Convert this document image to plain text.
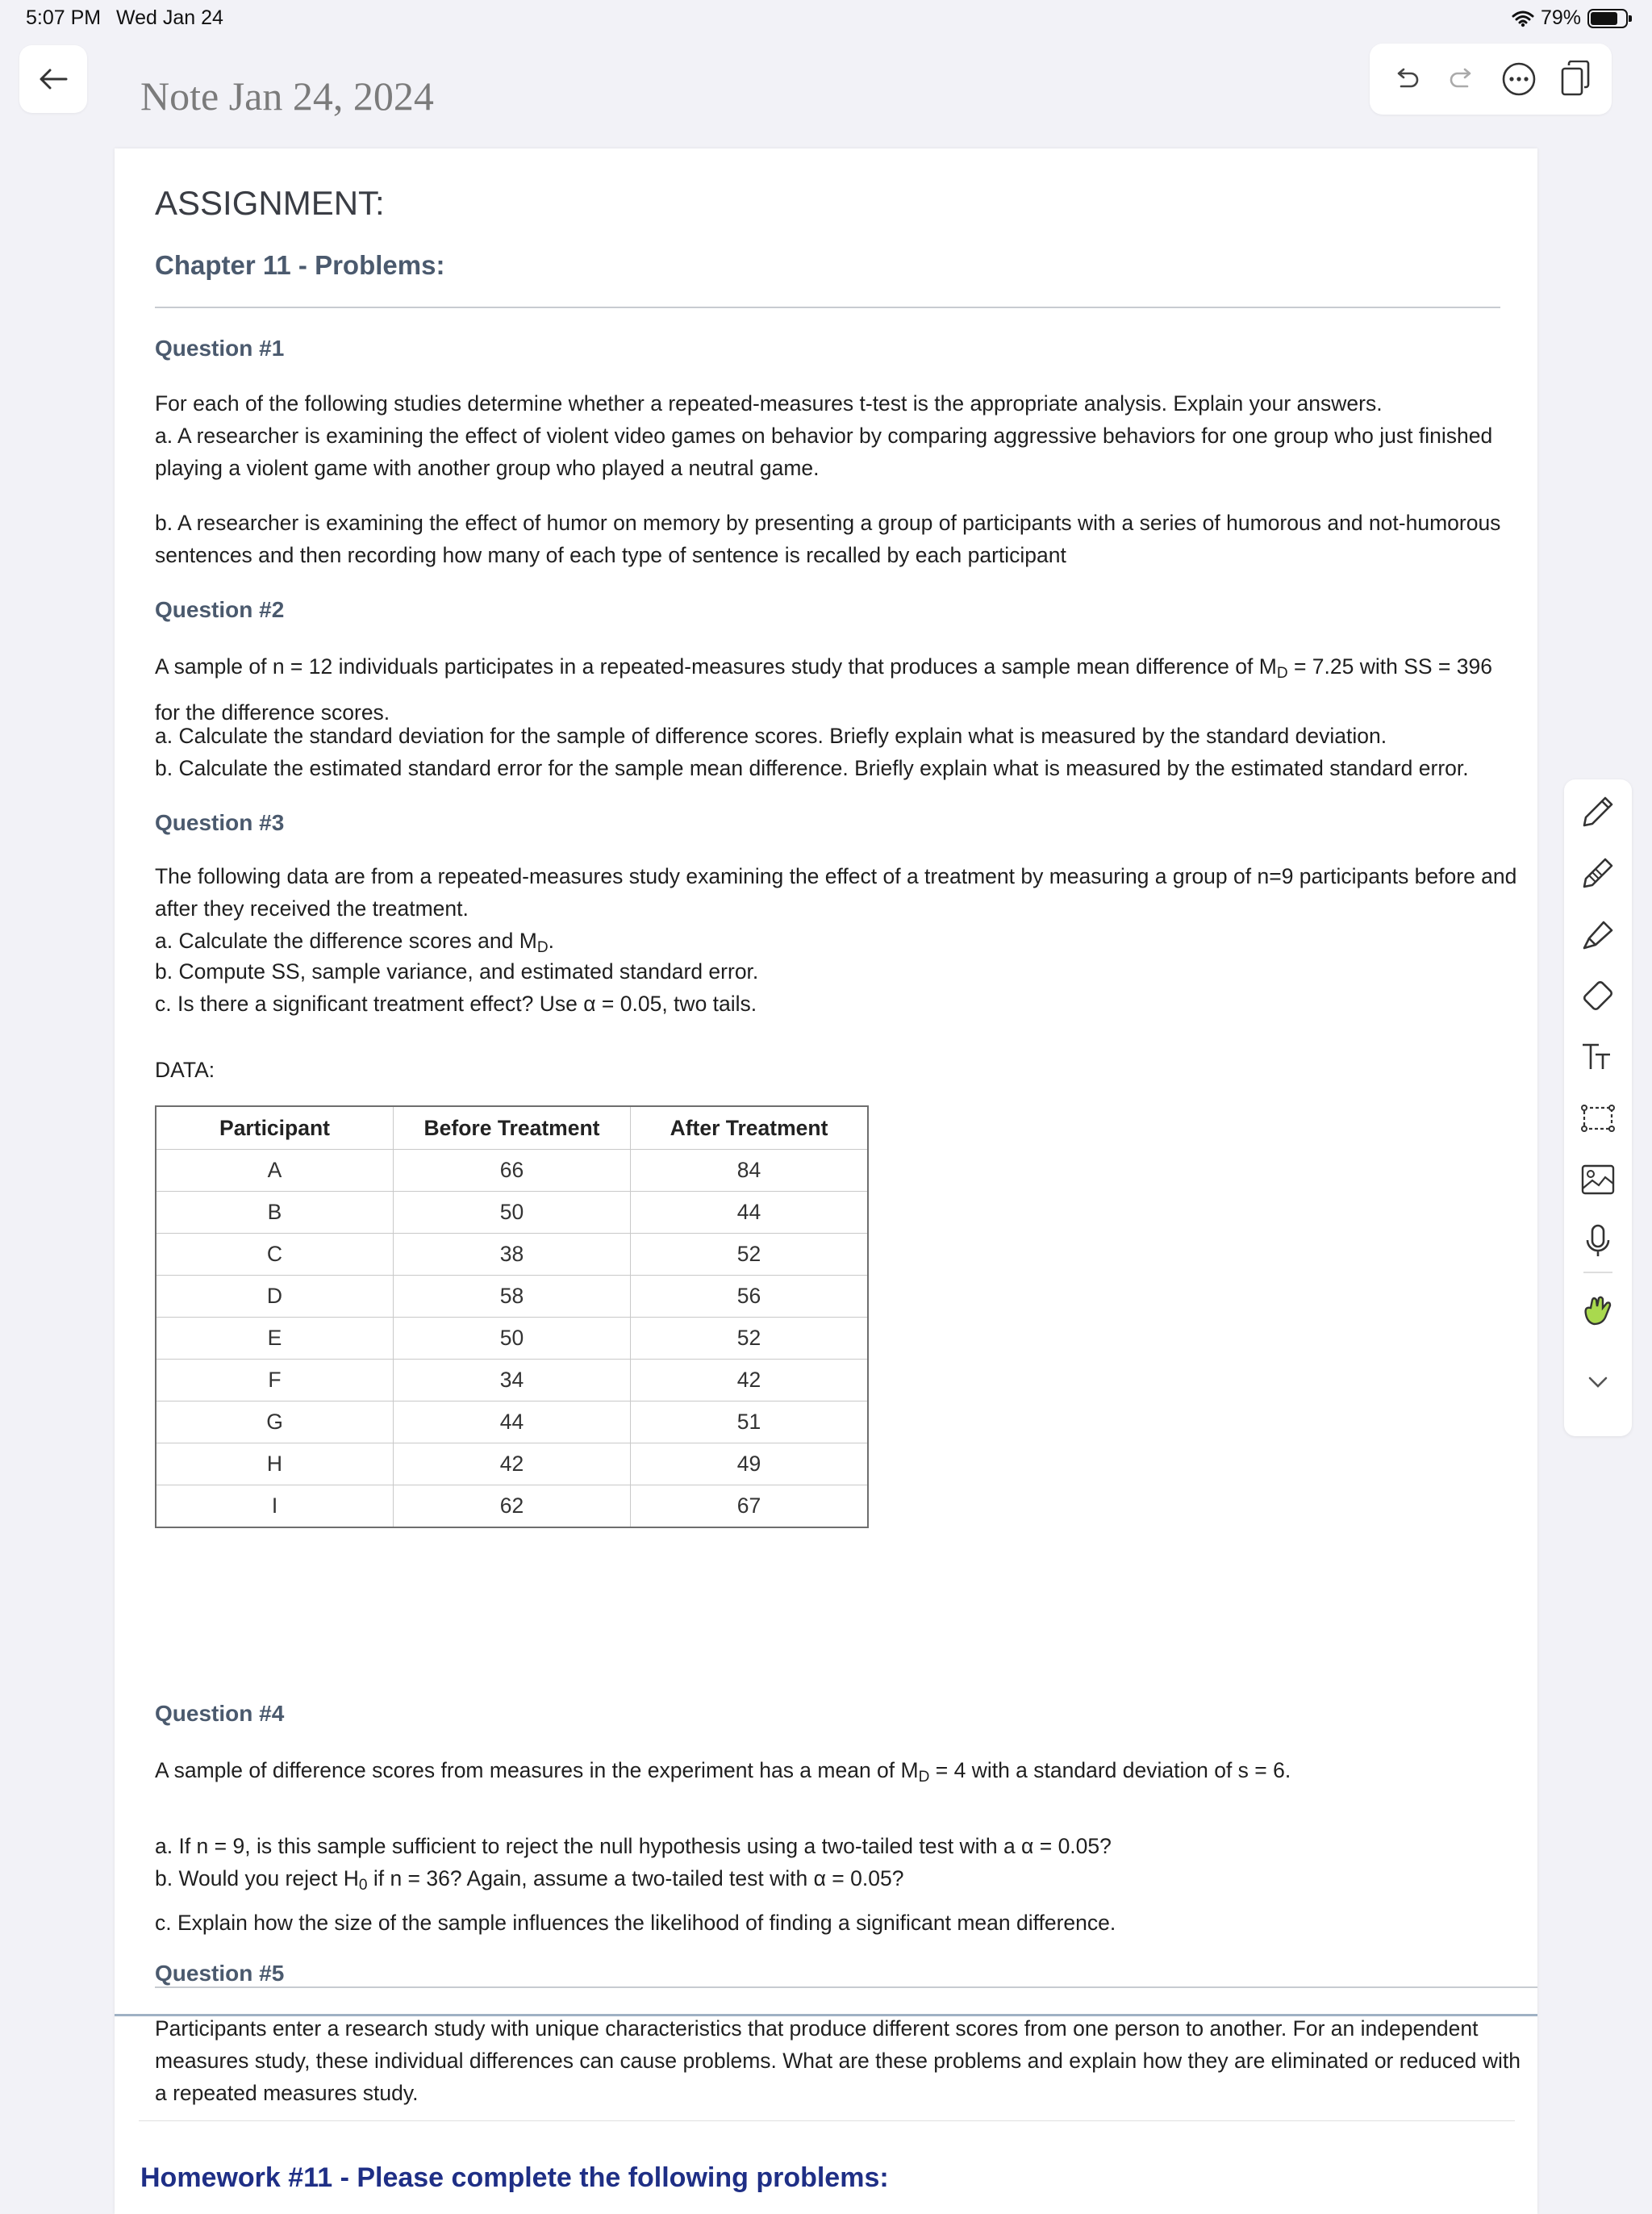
5:07 PM Wed Jan 24	79%
Note Jan 24, 2024
ASSIGNMENT:
Chapter 11 - Problems:
Question #1

For each of the following studies determine whether a repeated-measures t-test is the appropriate analysis. Explain your answers.

a. A researcher is examining the effect of violent video games on behavior by comparing aggressive behaviors for one group who just finished playing a violent game with another group who played a neutral game.

b. A researcher is examining the effect of humor on memory by presenting a group of participants with a series of humorous and not-humorous sentences and then recording how many of each type of sentence is recalled by each participant

Question #2

A sample of n = 12 individuals participates in a repeated-measures study that produces a sample mean difference of $M_D = 7.25$ with SS = 396 for the difference scores.

a. Calculate the standard deviation for the sample of difference scores. Briefly explain what is measured by the standard deviation.

b. Calculate the estimated standard error for the sample mean difference. Briefly explain what is measured by the estimated standard error.

Question #3

The following data are from a repeated-measures study examining the effect of a treatment by measuring a group of n=9 participants before and after they received the treatment.

a. Calculate the difference scores and $M_D$.

b. Compute SS, sample variance, and estimated standard error.

c. Is there a significant treatment effect? Use α = 0.05, two tails.

DATA:

Participant	Before Treatment	After Treatment
A	66	84
B	50	44
C	38	52
D	58	56
E	50	52
F	34	42
G	44	51
H	42	49
I	62	67
Question #4

A sample of difference scores from measures in the experiment has a mean of $M_D = 4$ with a standard deviation of s = 6.

a. If n = 9, is this sample sufficient to reject the null hypothesis using a two-tailed test with a α = 0.05?

b. Would you reject $H_0$ if n = 36? Again, assume a two-tailed test with α = 0.05?

c. Explain how the size of the sample influences the likelihood of finding a significant mean difference.

Question #5

Participants enter a research study with unique characteristics that produce different scores from one person to another. For an independent measures study, these individual differences can cause problems. What are these problems and explain how they are eliminated or reduced with a repeated measures study.

Homework #11 - Please complete the following problems:
